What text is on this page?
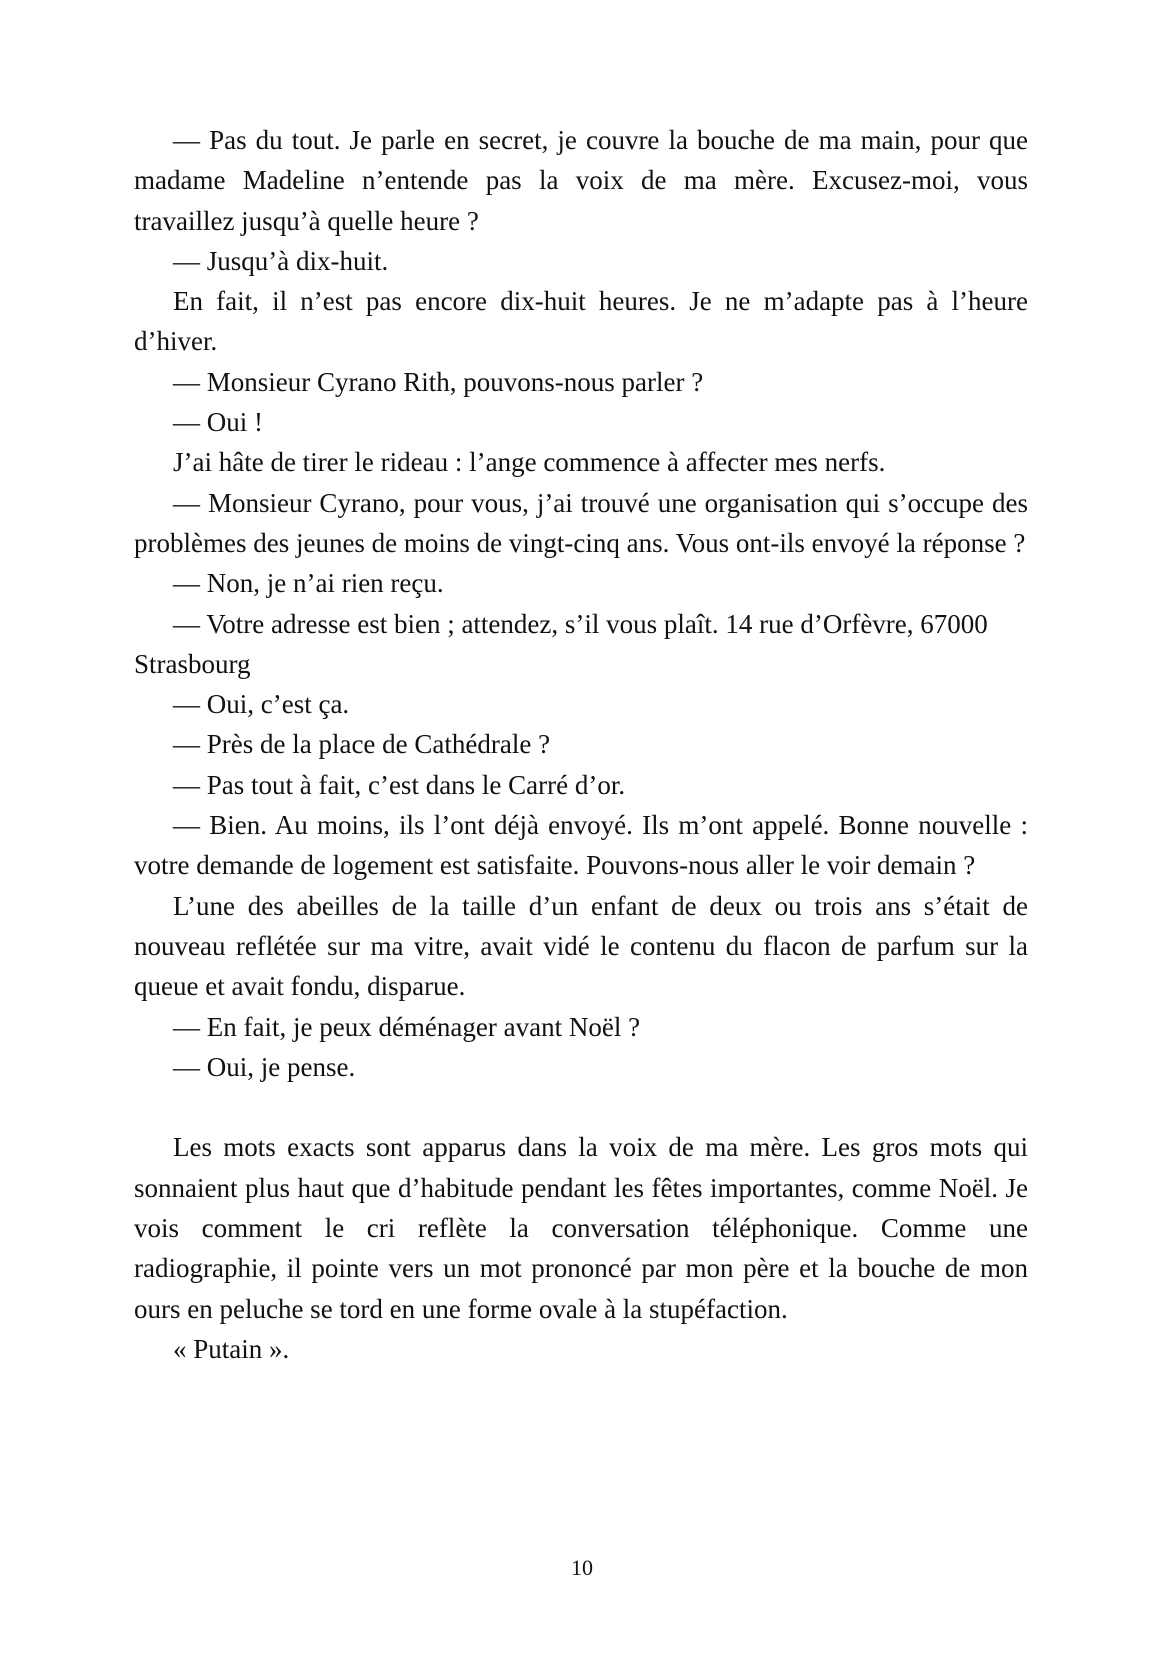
— Pas du tout. Je parle en secret, je couvre la bouche de ma main, pour que madame Madeline n’entende pas la voix de ma mère. Excusez-moi, vous travaillez jusqu’à quelle heure ?

— Jusqu’à dix-huit.

En fait, il n’est pas encore dix-huit heures. Je ne m’adapte pas à l’heure d’hiver.

— Monsieur Cyrano Rith, pouvons-nous parler ?

— Oui !

J’ai hâte de tirer le rideau : l’ange commence à affecter mes nerfs.

— Monsieur Cyrano, pour vous, j’ai trouvé une organisation qui s’occupe des problèmes des jeunes de moins de vingt-cinq ans. Vous ont-ils envoyé la réponse ?

— Non, je n’ai rien reçu.

— Votre adresse est bien ; attendez, s’il vous plaît. 14 rue d’Orfèvre, 67000 Strasbourg

— Oui, c’est ça.

— Près de la place de Cathédrale ?

— Pas tout à fait, c’est dans le Carré d’or.

— Bien. Au moins, ils l’ont déjà envoyé. Ils m’ont appelé. Bonne nouvelle : votre demande de logement est satisfaite. Pouvons-nous aller le voir demain ?

L’une des abeilles de la taille d’un enfant de deux ou trois ans s’était de nouveau reflétée sur ma vitre, avait vidé le contenu du flacon de parfum sur la queue et avait fondu, disparue.

— En fait, je peux déménager avant Noël ?

— Oui, je pense.

Les mots exacts sont apparus dans la voix de ma mère. Les gros mots qui sonnaient plus haut que d’habitude pendant les fêtes importantes, comme Noël. Je vois comment le cri reflète la conversation téléphonique. Comme une radiographie, il pointe vers un mot prononcé par mon père et la bouche de mon ours en peluche se tord en une forme ovale à la stupéfaction.

« Putain ».

10
